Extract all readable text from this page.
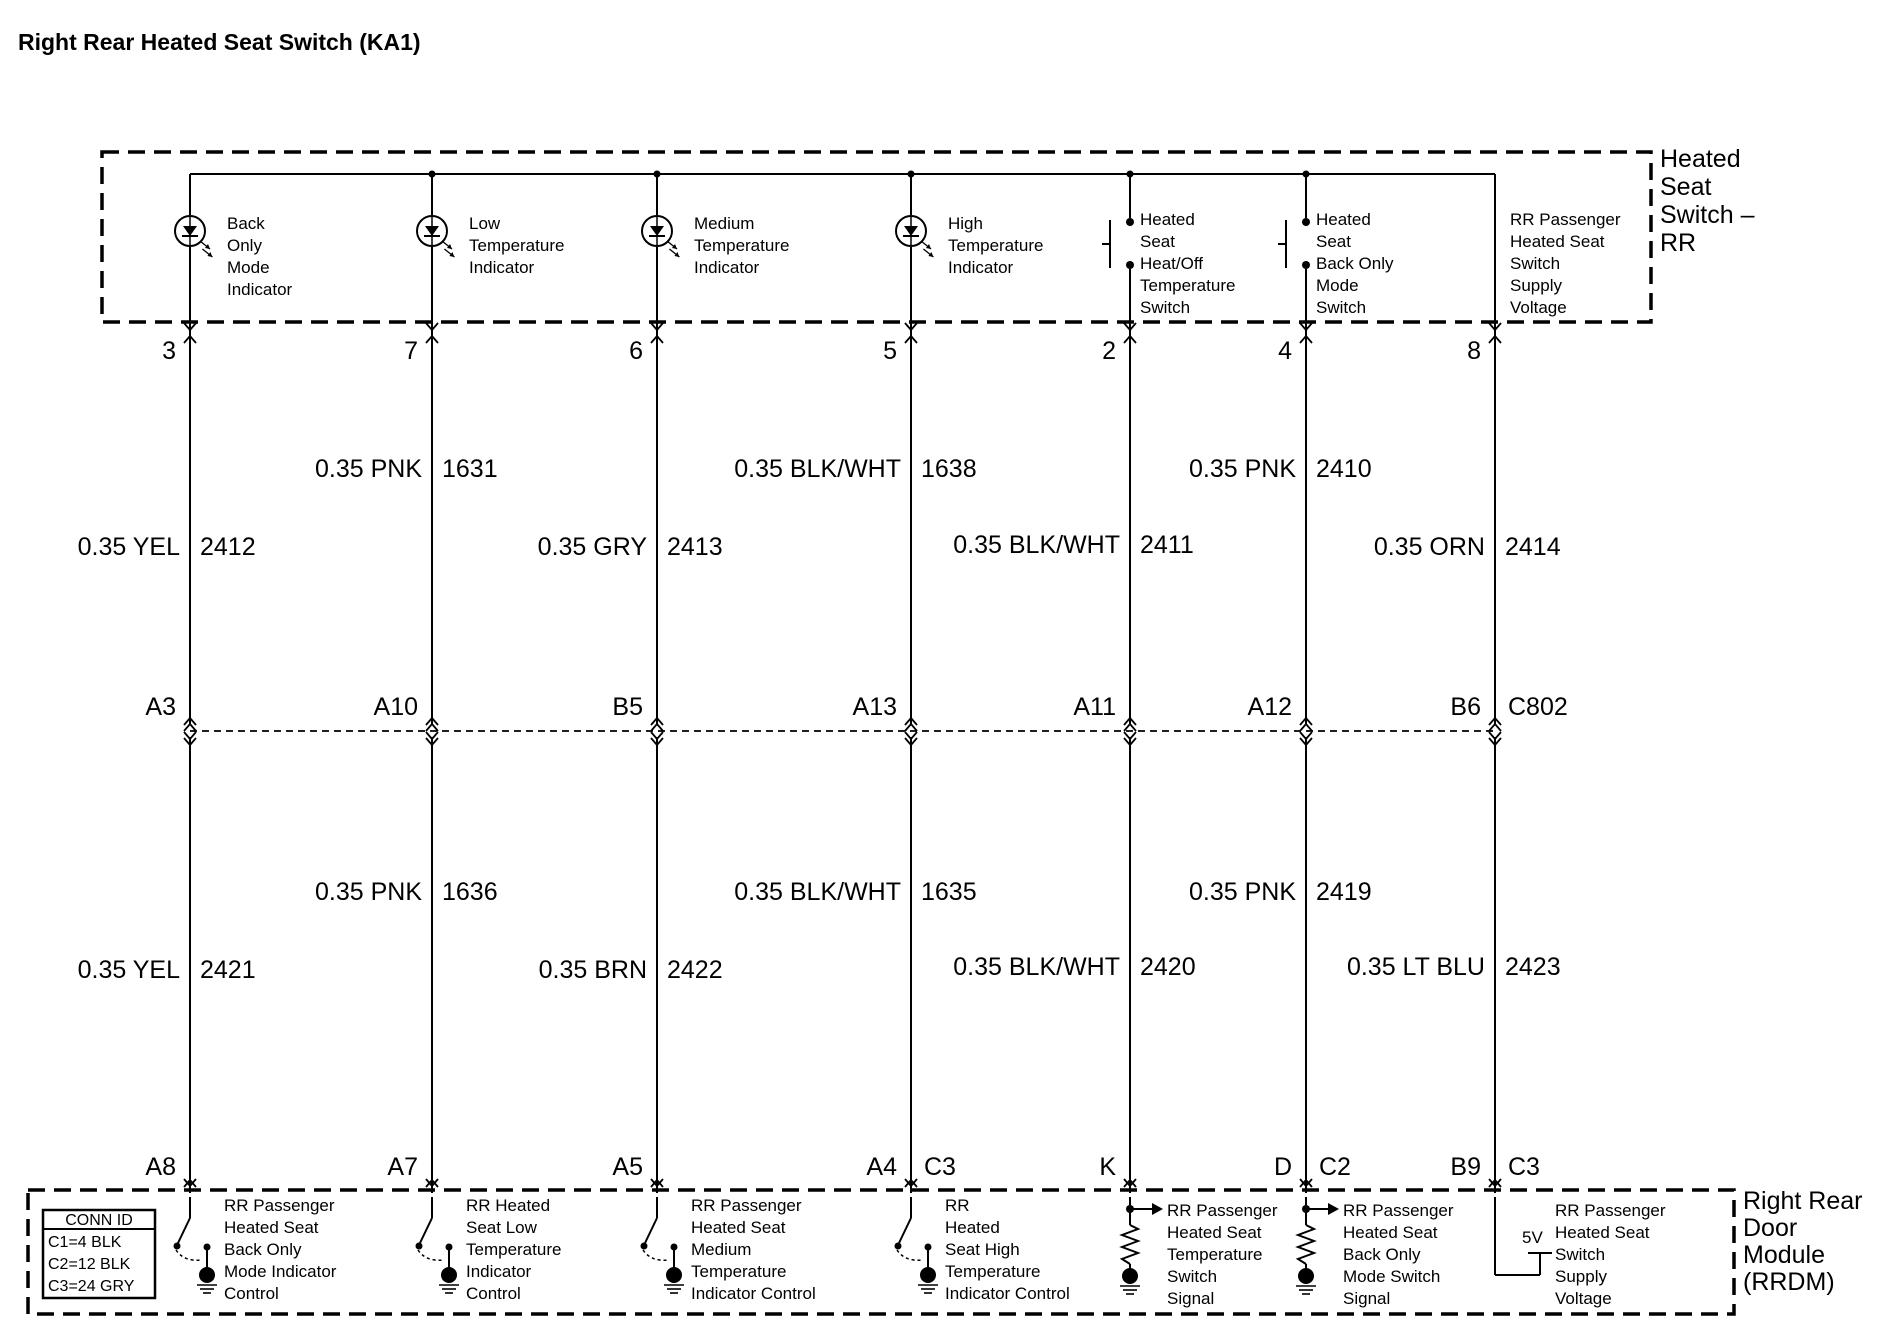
Right Rear Heated Seat Switch (KA1)
CONN ID
C1=4 BLK
C2=12 BLK
C3=24 GRY
5V
Heated
Seat
Switch –
RR
Right Rear
Door
Module
(RRDM)
Back
Only
Mode
Indicator
3
A3
A8
0.35 YEL 2412
0.35 YEL 2421
RR Passenger
Heated Seat
Back Only
Mode Indicator
Control
Low
Temperature
Indicator
7
A10
A7
0.35 PNK 1631
0.35 PNK 1636
RR Heated
Seat Low
Temperature
Indicator
Control
Medium
Temperature
Indicator
6
B5
A5
0.35 GRY 2413
0.35 BRN 2422
RR Passenger
Heated Seat
Medium
Temperature
Indicator Control
High
Temperature
Indicator
5
A13
A4 C3
0.35 BLK/WHT 1638
0.35 BLK/WHT 1635
RR
Heated
Seat High
Temperature
Indicator Control
Heated
Seat
Heat/Off
Temperature
Switch
2
A11
K
0.35 BLK/WHT 2411
0.35 BLK/WHT 2420
RR Passenger
Heated Seat
Temperature
Switch
Signal
Heated
Seat
Back Only
Mode
Switch
4
A12
D C2
0.35 PNK 2410
0.35 PNK 2419
RR Passenger
Heated Seat
Back Only
Mode Switch
Signal
RR Passenger
Heated Seat
Switch
Supply
Voltage
8
B6
B9 C3
0.35 ORN 2414
0.35 LT BLU 2423
RR Passenger
Heated Seat
Switch
Supply
Voltage
C802
